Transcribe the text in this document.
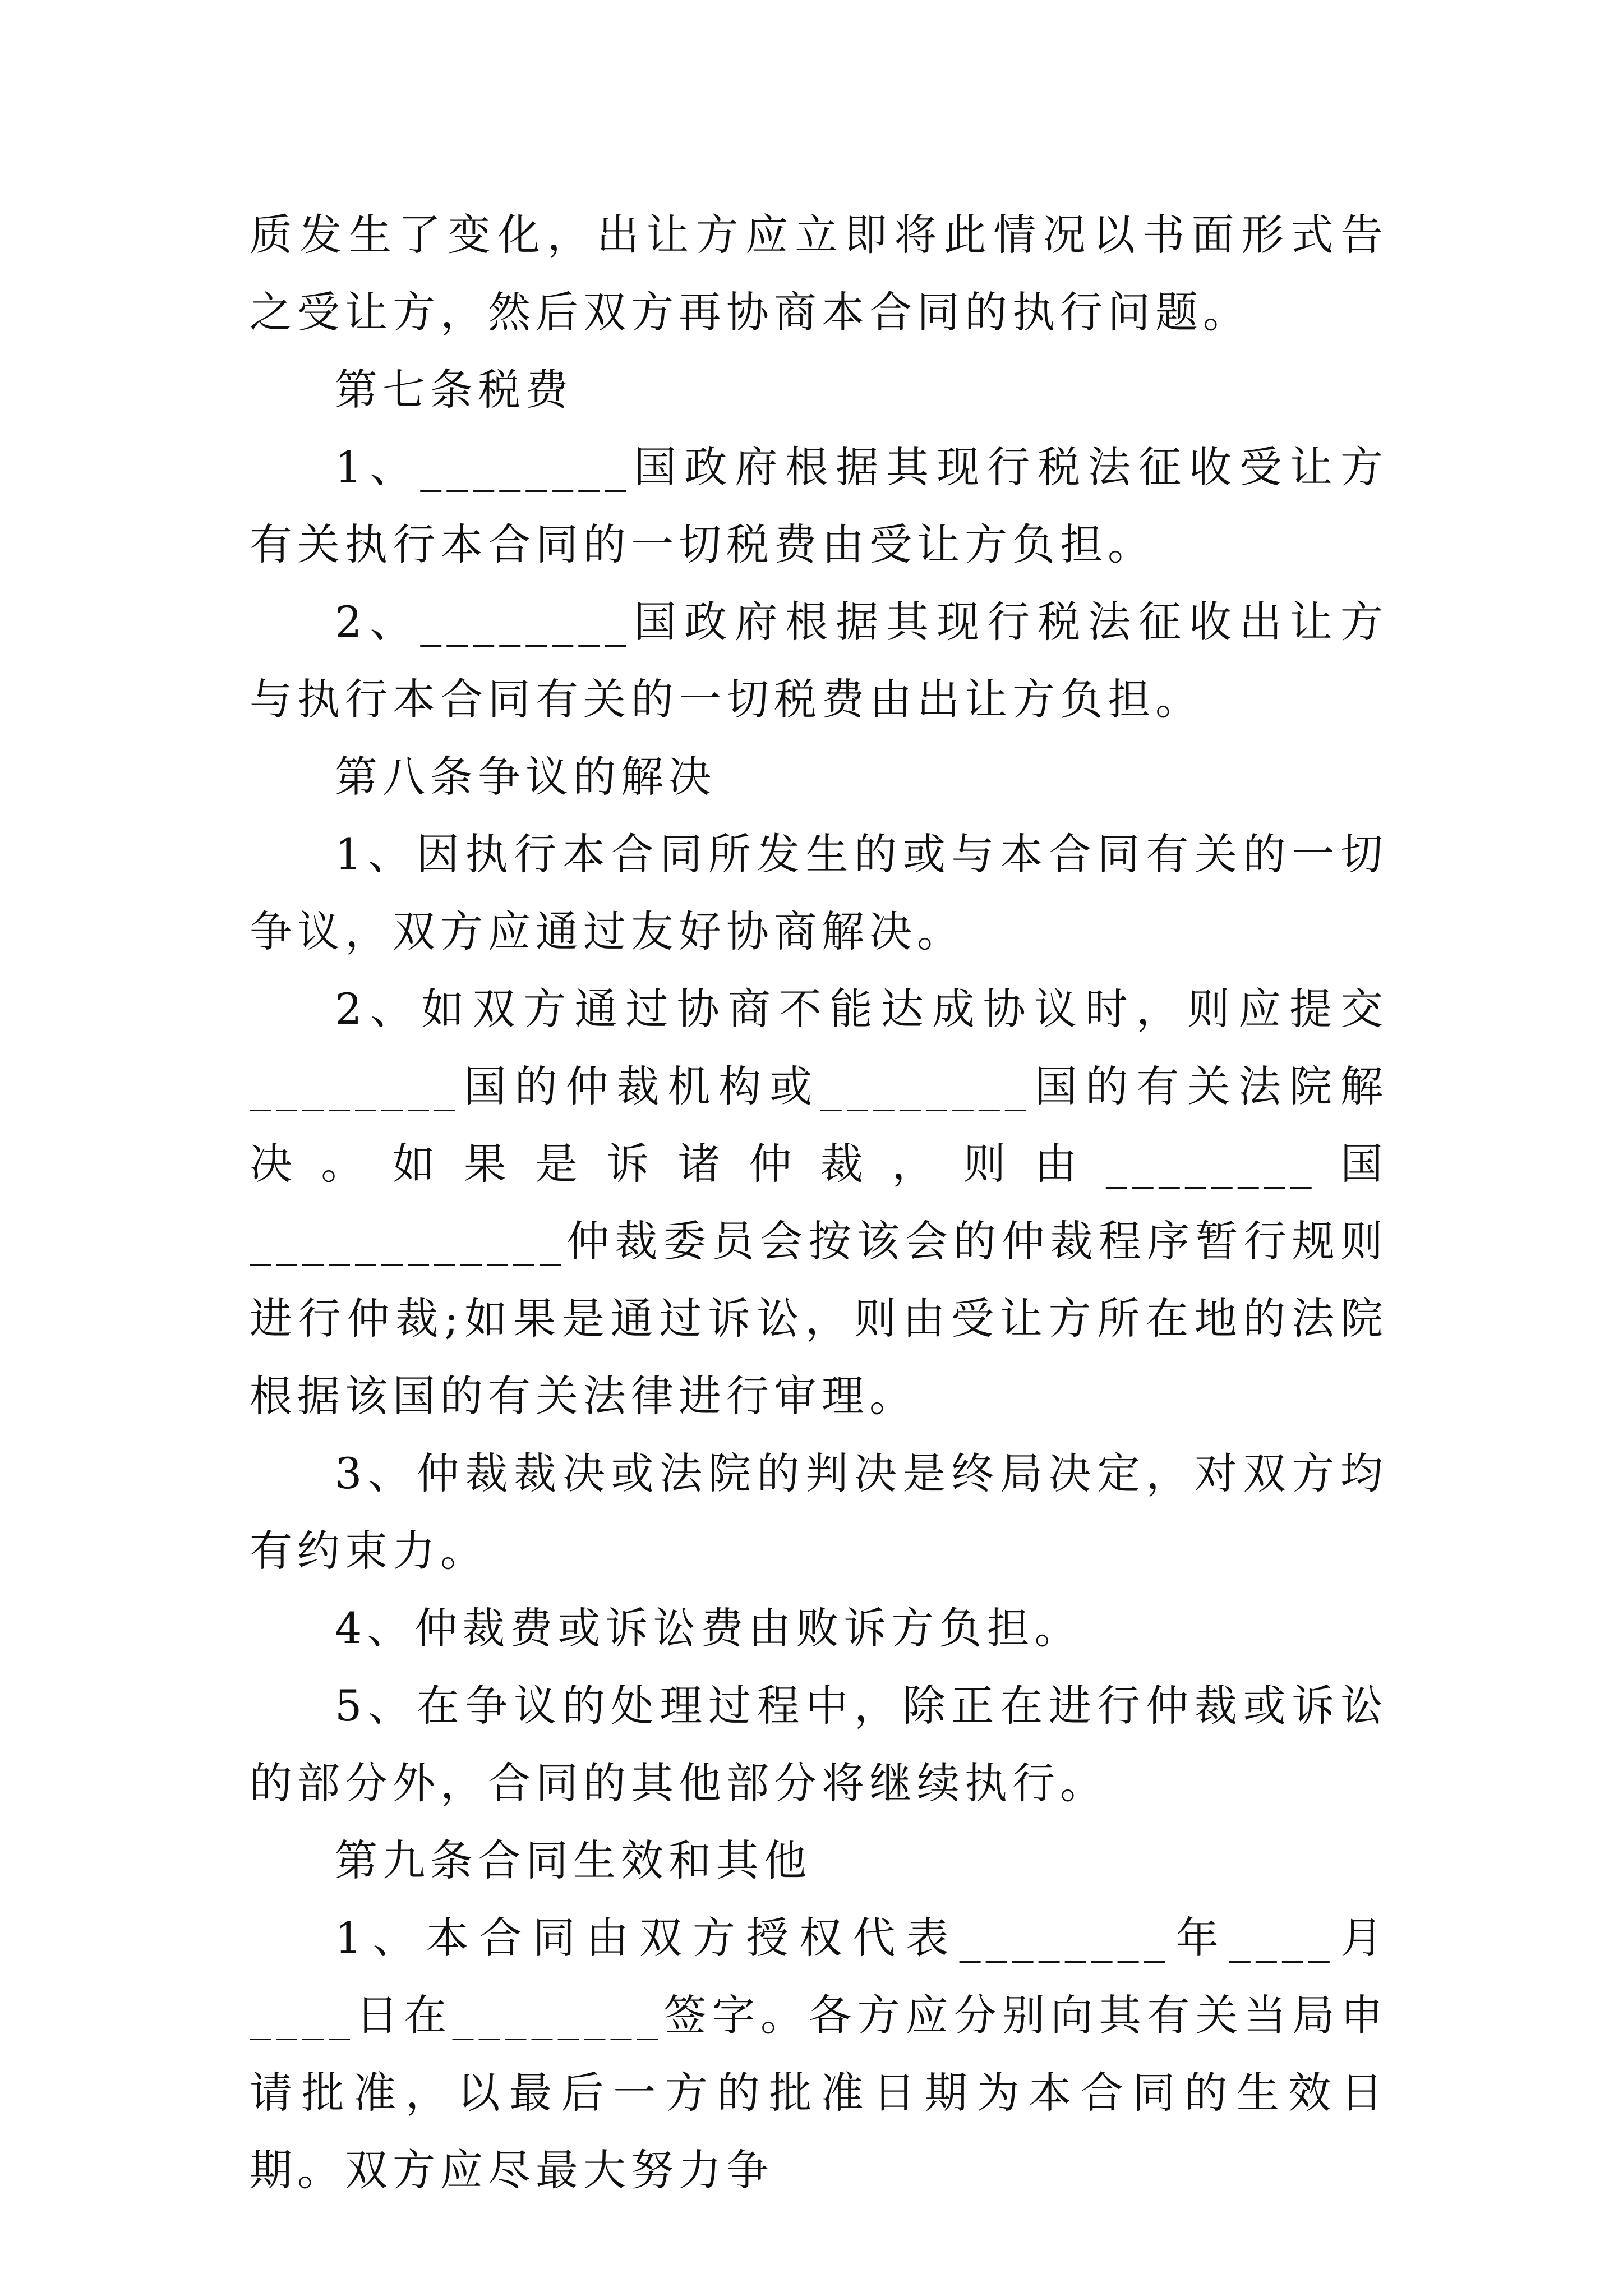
质发生了变化，出让方应立即将此情况以书面形式告之受让方，然后双方再协商本合同的执行问题。

第七条税费

1、________国政府根据其现行税法征收受让方有关执行本合同的一切税费由受让方负担。

2、________国政府根据其现行税法征收出让方与执行本合同有关的一切税费由出让方负担。

第八条争议的解决

1、因执行本合同所发生的或与本合同有关的一切争议，双方应通过友好协商解决。

2、如双方通过协商不能达成协议时，则应提交________国的仲裁机构或________国的有关法院解决。如果是诉诸仲裁，则由________国____________仲裁委员会按该会的仲裁程序暂行规则进行仲裁;如果是通过诉讼，则由受让方所在地的法院根据该国的有关法律进行审理。

3、仲裁裁决或法院的判决是终局决定，对双方均有约束力。

4、仲裁费或诉讼费由败诉方负担。

5、在争议的处理过程中，除正在进行仲裁或诉讼的部分外，合同的其他部分将继续执行。

第九条合同生效和其他

1、本合同由双方授权代表________年____月____日在________签字。各方应分别向其有关当局申请批准，以最后一方的批准日期为本合同的生效日期。双方应尽最大努力争
